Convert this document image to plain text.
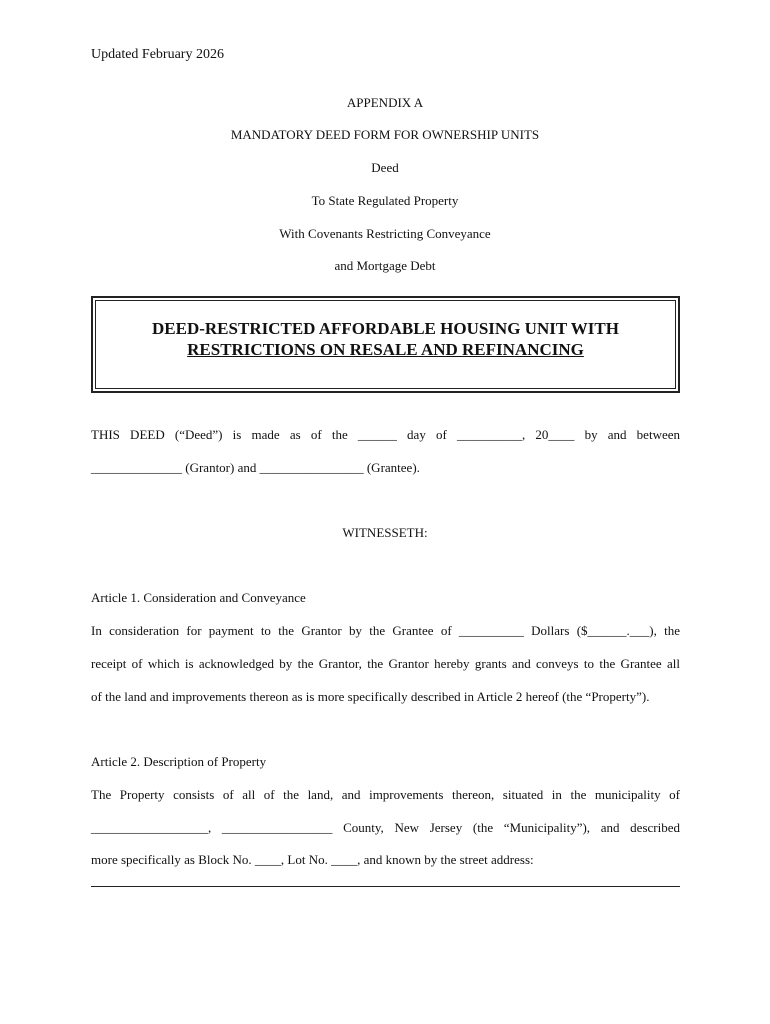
Updated February 2026
APPENDIX A
MANDATORY DEED FORM FOR OWNERSHIP UNITS
Deed
To State Regulated Property
With Covenants Restricting Conveyance
and Mortgage Debt
DEED-RESTRICTED AFFORDABLE HOUSING UNIT WITH
RESTRICTIONS ON RESALE AND REFINANCING
THIS DEED (“Deed”) is made as of the ______ day of __________, 20____ by and between
______________ (Grantor) and ________________ (Grantee).
WITNESSETH:
Article 1. Consideration and Conveyance
In consideration for payment to the Grantor by the Grantee of __________ Dollars ($______.___), the
receipt of which is acknowledged by the Grantor, the Grantor hereby grants and conveys to the Grantee all
of the land and improvements thereon as is more specifically described in Article 2 hereof (the “Property”).
Article 2. Description of Property
The Property consists of all of the land, and improvements thereon, situated in the municipality of
__________________, _________________ County, New Jersey (the “Municipality”), and described
more specifically as Block No. ____, Lot No. ____, and known by the street address:
